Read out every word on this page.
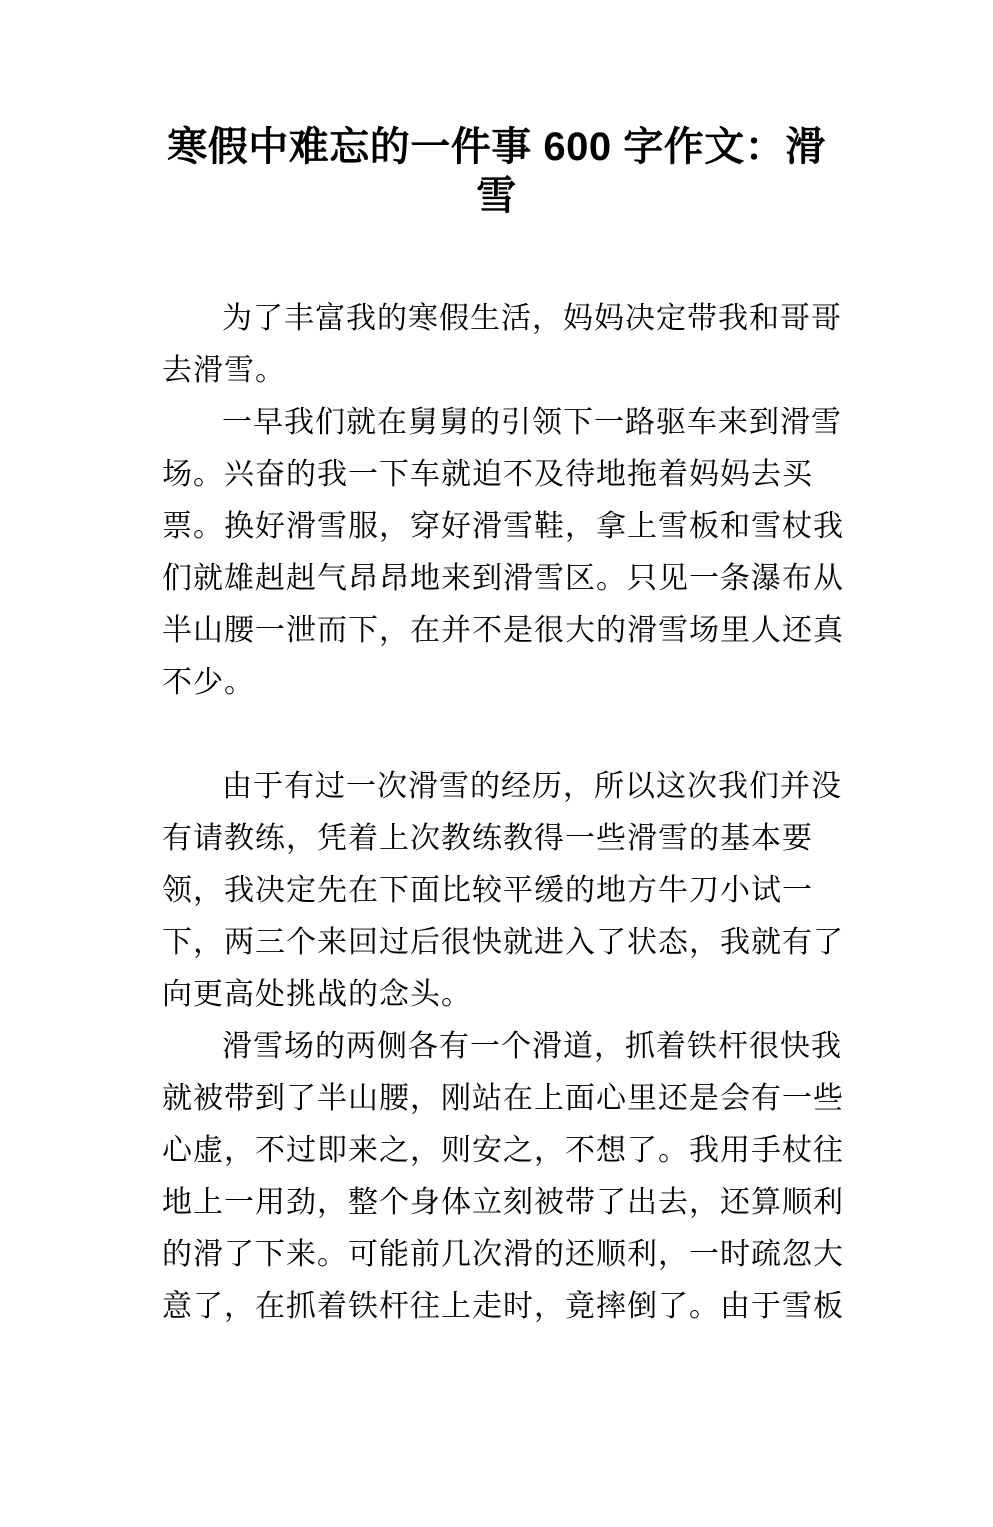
寒假中难忘的一件事 600 字作文：滑雪

为了丰富我的寒假生活，妈妈决定带我和哥哥去滑雪。

一早我们就在舅舅的引领下一路驱车来到滑雪场。兴奋的我一下车就迫不及待地拖着妈妈去买票。换好滑雪服，穿好滑雪鞋，拿上雪板和雪杖我们就雄赳赳气昂昂地来到滑雪区。只见一条瀑布从半山腰一泄而下，在并不是很大的滑雪场里人还真不少。

由于有过一次滑雪的经历，所以这次我们并没有请教练，凭着上次教练教得一些滑雪的基本要领，我决定先在下面比较平缓的地方牛刀小试一下，两三个来回过后很快就进入了状态，我就有了向更高处挑战的念头。

滑雪场的两侧各有一个滑道，抓着铁杆很快我就被带到了半山腰，刚站在上面心里还是会有一些心虚，不过即来之，则安之，不想了。我用手杖往地上一用劲，整个身体立刻被带了出去，还算顺利的滑了下来。可能前几次滑的还顺利，一时疏忽大意了，在抓着铁杆往上走时，竟摔倒了。由于雪板
